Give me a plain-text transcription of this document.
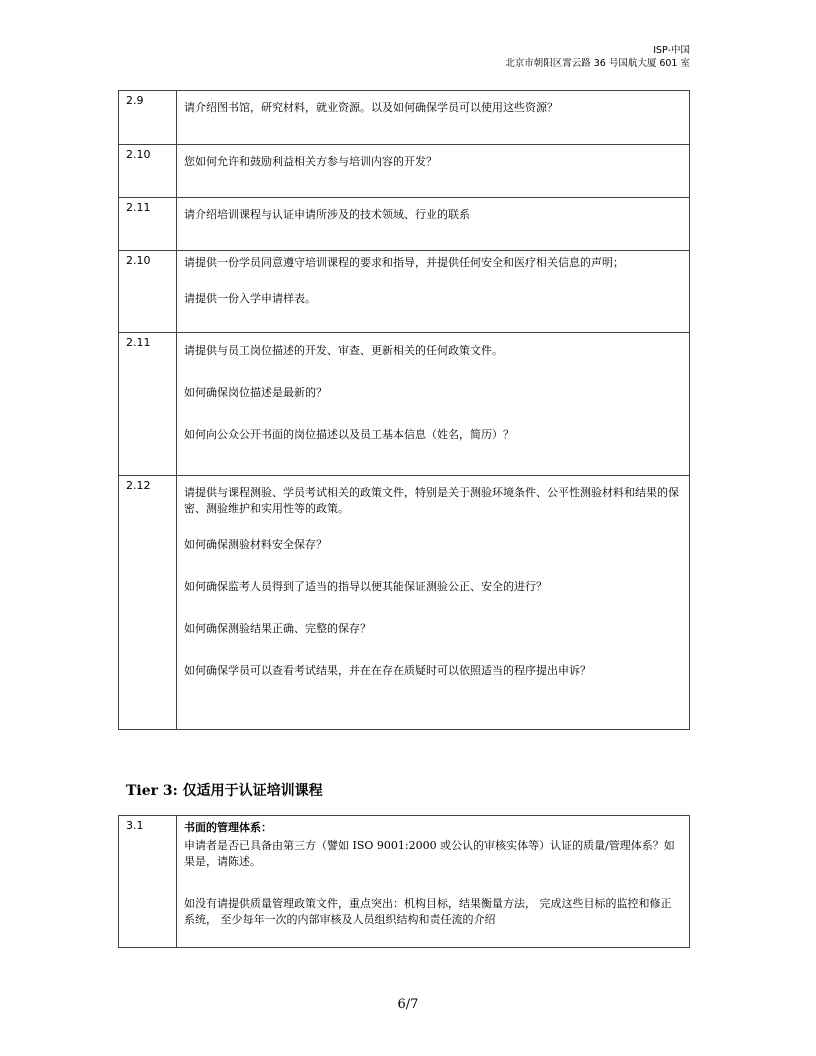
ISP-中国
北京市朝阳区霄云路 36 号国航大厦 601 室
2.9	请介绍图书馆，研究材料，就业资源。以及如何确保学员可以使用这些资源？

2.10	您如何允许和鼓励利益相关方参与培训内容的开发？

2.11	请介绍培训课程与认证申请所涉及的技术领域、行业的联系

2.10	请提供一份学员同意遵守培训课程的要求和指导，并提供任何安全和医疗相关信息的声明；

请提供一份入学申请样表。

2.11	请提供与员工岗位描述的开发、审查、更新相关的任何政策文件。

如何确保岗位描述是最新的？

如何向公众公开书面的岗位描述以及员工基本信息（姓名，简历）？

2.12	请提供与课程测验、学员考试相关的政策文件，特别是关于测验环境条件、公平性测验材料和结果的保密、测验维护和实用性等的政策。

如何确保测验材料安全保存？

如何确保监考人员得到了适当的指导以便其能保证测验公正、安全的进行？

如何确保测验结果正确、完整的保存？

如何确保学员可以查看考试结果，并在在存在质疑时可以依照适当的程序提出申诉？

Tier 3: 仅适用于认证培训课程
3.1	书面的管理体系：

申请者是否已具备由第三方（譬如 ISO 9001:2000 或公认的审核实体等）认证的质量/管理体系？如果是，请陈述。

如没有请提供质量管理政策文件，重点突出：机构目标，结果衡量方法， 完成这些目标的监控和修正系统， 至少每年一次的内部审核及人员组织结构和责任流的介绍

6/7
